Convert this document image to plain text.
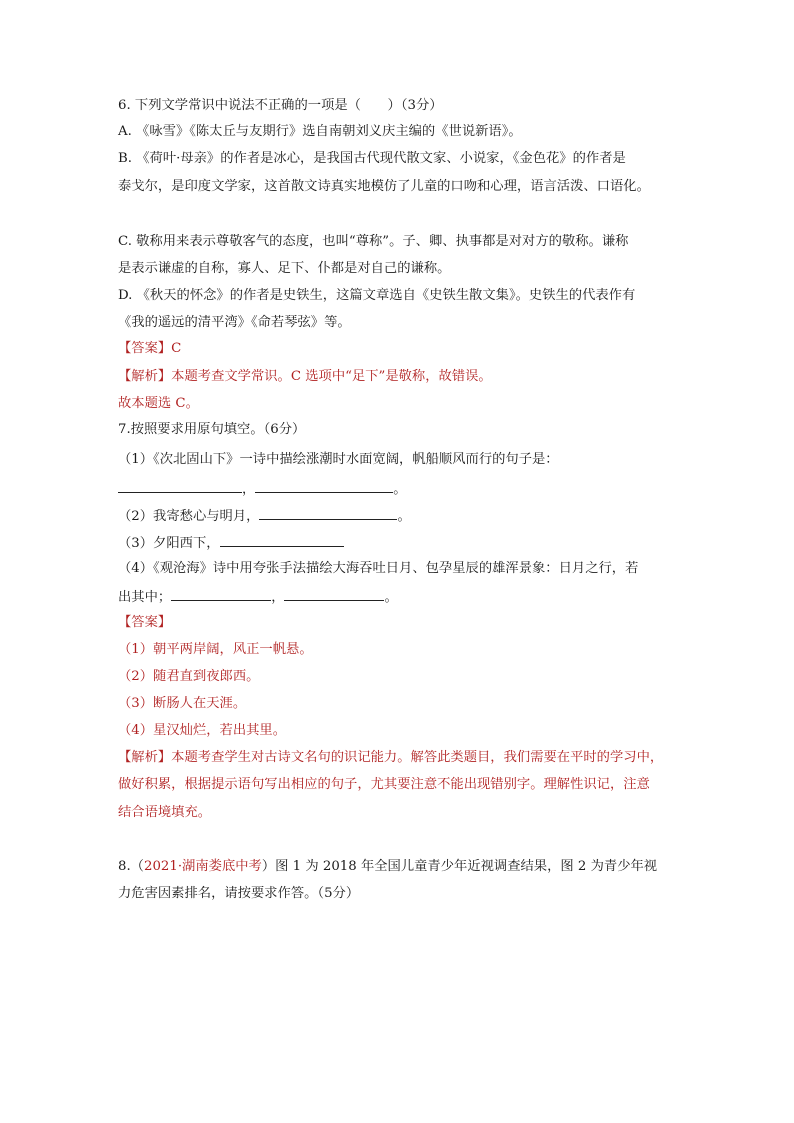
6. 下列文学常识中说法不正确的一项是（　　）（3分）
A. 《咏雪》《陈太丘与友期行》选自南朝刘义庆主编的《世说新语》。
B. 《荷叶·母亲》的作者是冰心，是我国古代现代散文家、小说家，《金色花》的作者是
泰戈尔，是印度文学家，这首散文诗真实地模仿了儿童的口吻和心理，语言活泼、口语化。
C. 敬称用来表示尊敬客气的态度，也叫“尊称”。子、卿、执事都是对对方的敬称。谦称
是表示谦虚的自称，寡人、足下、仆都是对自己的谦称。
D. 《秋天的怀念》的作者是史铁生，这篇文章选自《史铁生散文集》。史铁生的代表作有
《我的遥远的清平湾》《命若琴弦》等。
【答案】C
【解析】本题考查文学常识。C 选项中“足下”是敬称，故错误。
故本题选 C。
7.按照要求用原句填空。（6分）
（1）《次北固山下》一诗中描绘涨潮时水面宽阔，帆船顺风而行的句子是：
，	。
（2）我寄愁心与明月，	。
（3）夕阳西下，
（4）《观沧海》诗中用夸张手法描绘大海吞吐日月、包孕星辰的雄浑景象：日月之行，若
出其中；	，	。
【答案】
（1）朝平两岸阔，风正一帆悬。
（2）随君直到夜郎西。
（3）断肠人在天涯。
（4）星汉灿烂，若出其里。
【解析】本题考查学生对古诗文名句的识记能力。解答此类题目，我们需要在平时的学习中，
做好积累，根据提示语句写出相应的句子，尤其要注意不能出现错别字。理解性识记，注意
结合语境填充。
8.（2021·湖南娄底中考）图 1 为 2018 年全国儿童青少年近视调查结果，图 2 为青少年视
力危害因素排名，请按要求作答。（5分）
